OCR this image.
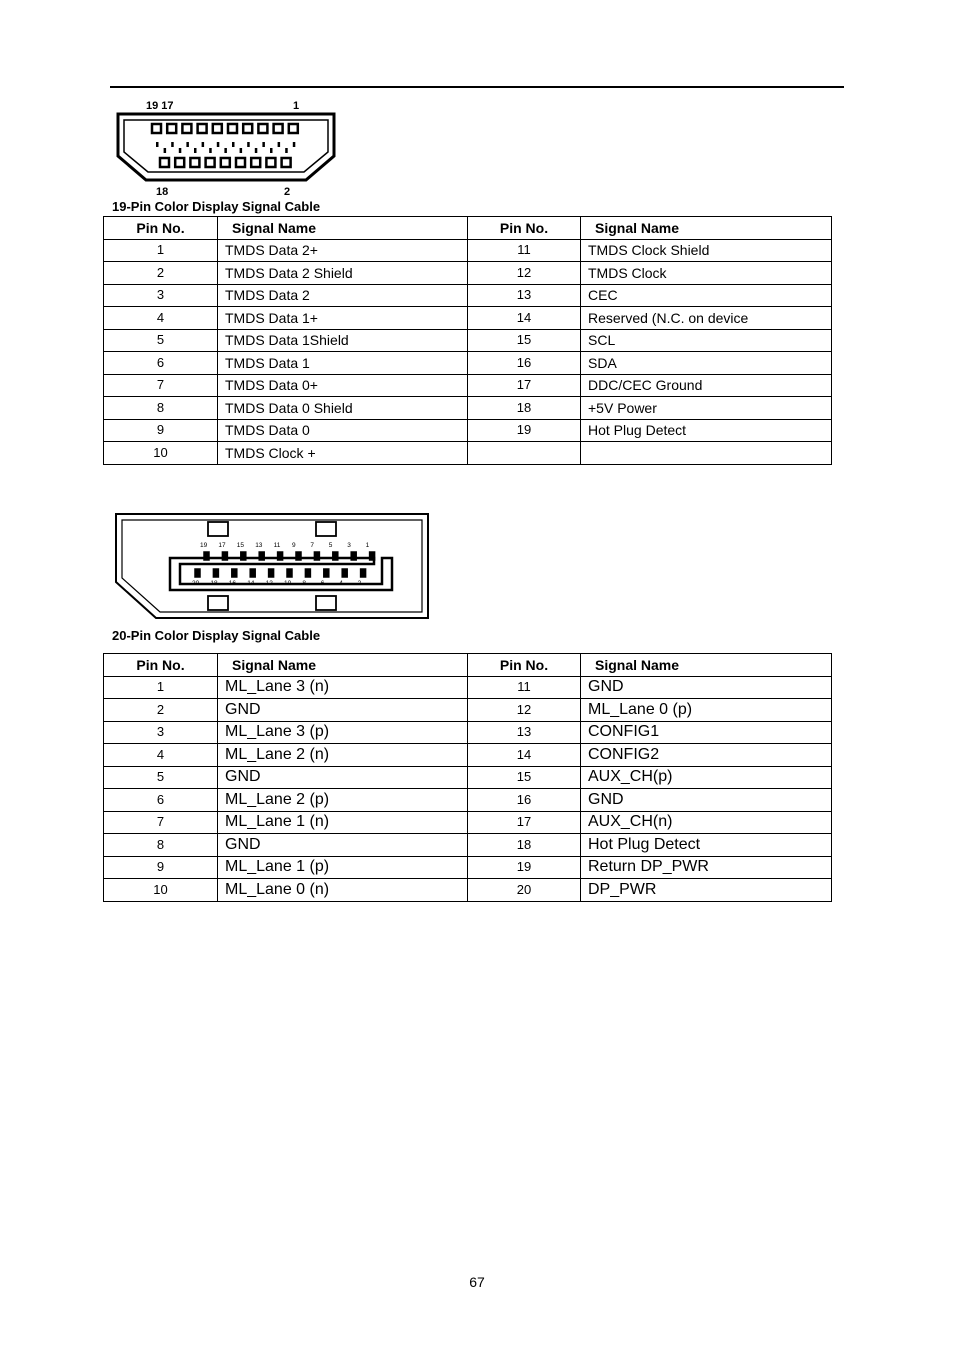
19 17	1
18	2
19-Pin Color Display Signal Cable
Pin No.	Signal Name	Pin No.	Signal Name
1	TMDS Data 2+	11	TMDS Clock Shield
2	TMDS Data 2 Shield	12	TMDS Clock
3	TMDS Data 2	13	CEC
4	TMDS Data 1+	14	Reserved (N.C. on device
5	TMDS Data 1Shield	15	SCL
6	TMDS Data 1	16	SDA
7	TMDS Data 0+	17	DDC/CEC Ground
8	TMDS Data 0 Shield	18	+5V Power
9	TMDS Data 0	19	Hot Plug Detect
10	TMDS Clock +		
19 17 15 13 11 9 7 5 3 1
20 18 16 14 12 10 8 6 4 2
20-Pin Color Display Signal Cable
Pin No.	Signal Name	Pin No.	Signal Name
1	ML_Lane 3 (n)	11	GND
2	GND	12	ML_Lane 0 (p)
3	ML_Lane 3 (p)	13	CONFIG1
4	ML_Lane 2 (n)	14	CONFIG2
5	GND	15	AUX_CH(p)
6	ML_Lane 2 (p)	16	GND
7	ML_Lane 1 (n)	17	AUX_CH(n)
8	GND	18	Hot Plug Detect
9	ML_Lane 1 (p)	19	Return DP_PWR
10	ML_Lane 0 (n)	20	DP_PWR
67
